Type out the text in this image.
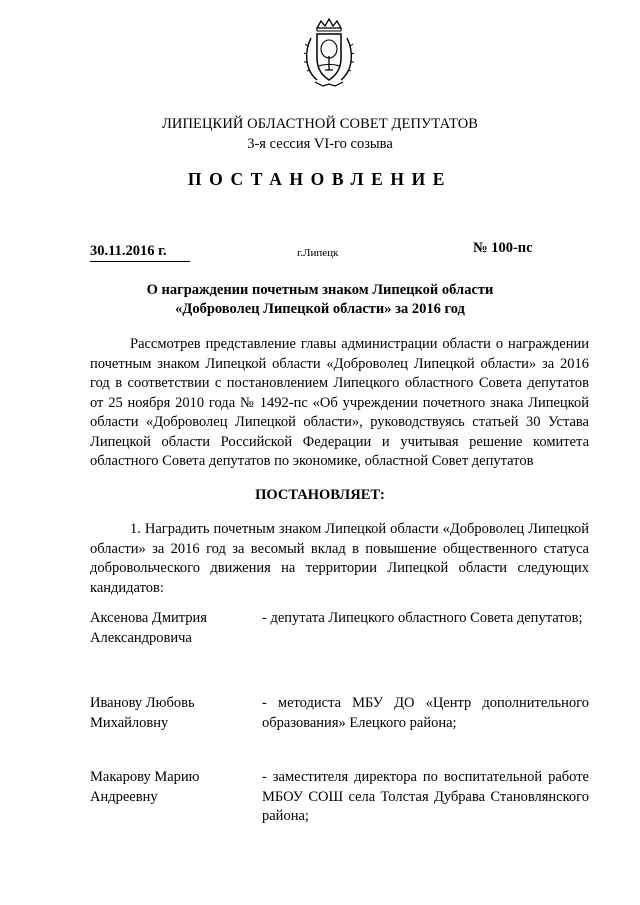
ЛИПЕЦКИЙ ОБЛАСТНОЙ СОВЕТ ДЕПУТАТОВ
3-я сессия VI-го созыва
ПОСТАНОВЛЕНИЕ
30.11.2016 г.	г.Липецк	№ 100-пс
О награждении почетным знаком Липецкой области
«Доброволец Липецкой области» за 2016 год
Рассмотрев представление главы администрации области о награждении почетным знаком Липецкой области «Доброволец Липецкой области» за 2016 год в соответствии с постановлением Липецкого областного Совета депутатов от 25 ноября 2010 года № 1492-пс «Об учреждении почетного знака Липецкой области «Доброволец Липецкой области», руководствуясь статьей 30 Устава Липецкой области Российской Федерации и учитывая решение комитета областного Совета депутатов по экономике, областной Совет депутатов
ПОСТАНОВЛЯЕТ:
1. Наградить почетным знаком Липецкой области «Доброволец Липецкой области» за 2016 год за весомый вклад в повышение общественного статуса добровольческого движения на территории Липецкой области следующих кандидатов:
Аксенова Дмитрия Александровича
- депутата Липецкого областного Совета депутатов;
Иванову Любовь Михайловну
- методиста МБУ ДО «Центр дополнительного образования» Елецкого района;
Макарову Марию Андреевну
- заместителя директора по воспитательной работе МБОУ СОШ села Толстая Дубрава Становлянского района;
